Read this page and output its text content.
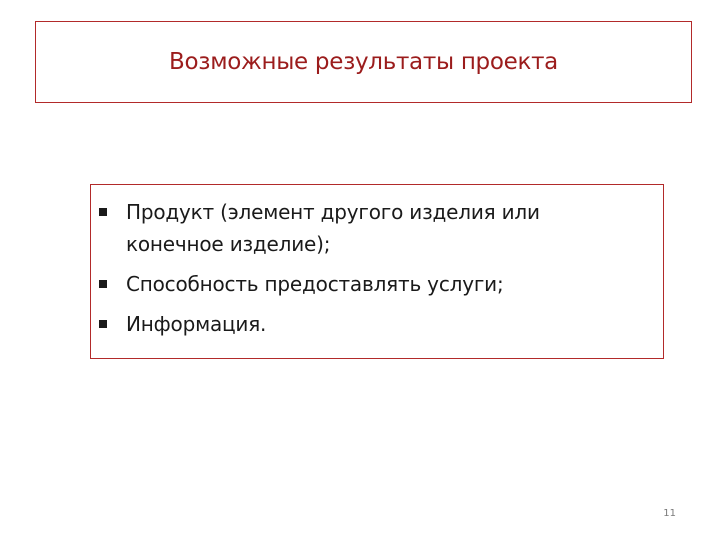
Возможные результаты проекта
Продукт (элемент другого изделия или конечное изделие);
Способность предоставлять услуги;
Информация.
11
